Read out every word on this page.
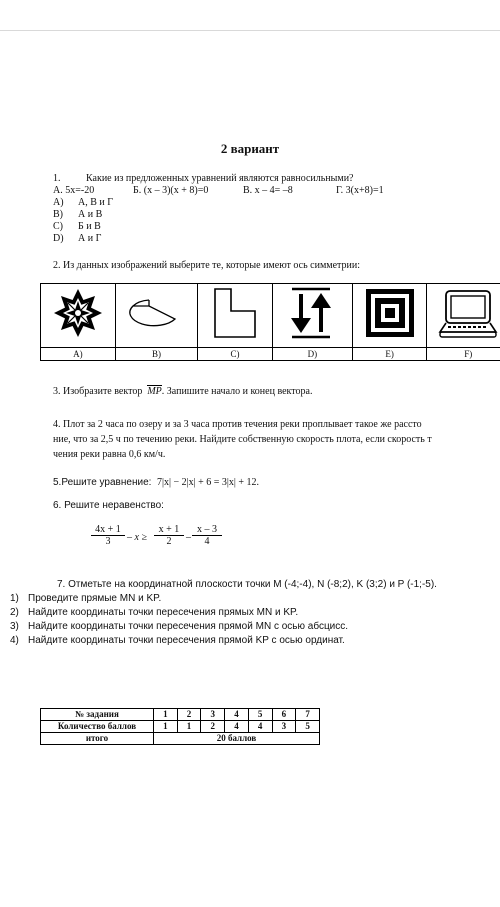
2 вариант
1.	Какие из предложенных уравнений являются равносильными?
А. 5x=-20	Б. (x – 3)(x + 8)=0	В. x – 4= –8	Г. 3(x+8)=1
A) А, В и Г
B) А и В
C) Б и В
D) А и Г
2. Из данных изображений выберите те, которые имеют ось симметрии:

A)	B)	C)	D)	E)	F)
3. Изобразите вектор MP. Запишите начало и конец вектора.
4. Плот за 2 часа по озеру и за 3 часа против течения реки проплывает такое же рассто
ние, что за 2,5 ч по течению реки. Найдите собственную скорость плота, если скорость т
чения реки равна 0,6 км/ч.
5.Решите уравнение: 7|x| − 2|x| + 6 = 3|x| + 12.
6. Решите неравенство:
$\frac{4x + 1}{3} - x \ge \frac{x + 1}{2} - \frac{x - 3}{4}$
7. Отметьте на координатной плоскости точки M (-4;-4), N (-8;2), K (3;2) и P (-1;-5).
1) Проведите прямые MN и KP.
2) Найдите координаты точки пересечения прямых MN и KP.
3) Найдите координаты точки пересечения прямой MN с осью абсцисс.
4) Найдите координаты точки пересечения прямой KP с осью ординат.
№ задания	1	2	3	4	5	6	7
Количество баллов	1	1	2	4	4	3	5
итого	20 баллов						
